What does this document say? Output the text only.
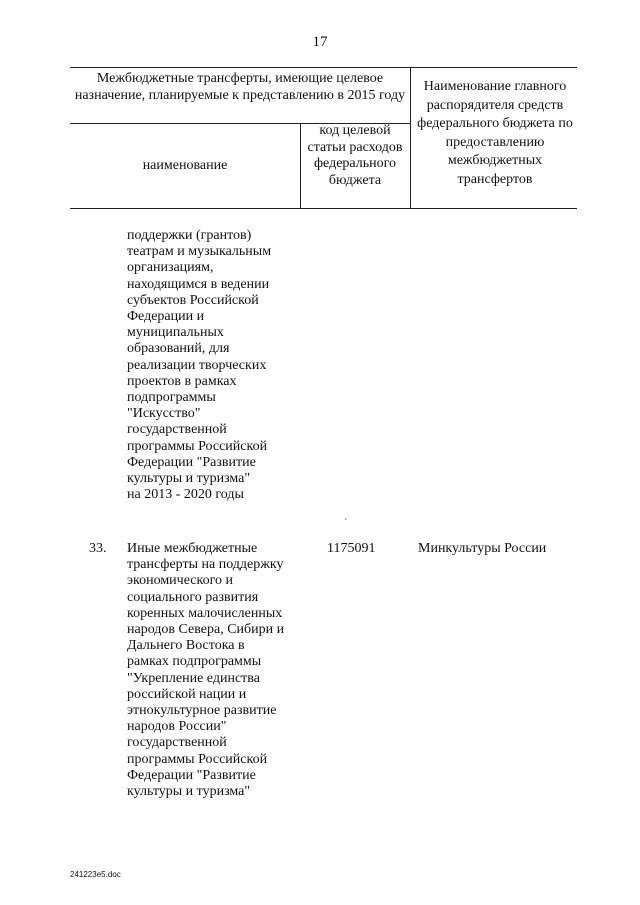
17
Межбюджетные трансферты, имеющие целевое назначение, планируемые к представлению в 2015 году
наименование
код целевой статьи расходов федерального бюджета
Наименование главного распорядителя средств федерального бюджета по предоставлению межбюджетных трансфертов
поддержки (грантов)
театрам и музыкальным
организациям,
находящимся в ведении
субъектов Российской
Федерации и
муниципальных
образований, для
реализации творческих
проектов в рамках
подпрограммы
"Искусство"
государственной
программы Российской
Федерации "Развитие
культуры и туризма"
на 2013 - 2020 годы
`
33. Иные межбюджетные
трансферты на поддержку
экономического и
социального развития
коренных малочисленных
народов Севера, Сибири и
Дальнего Востока в
рамках подпрограммы
"Укрепление единства
российской нации и
этнокультурное развитие
народов России"
государственной
программы Российской
Федерации "Развитие
культуры и туризма"
1175091	Минкультуры России
241223e5.doc
